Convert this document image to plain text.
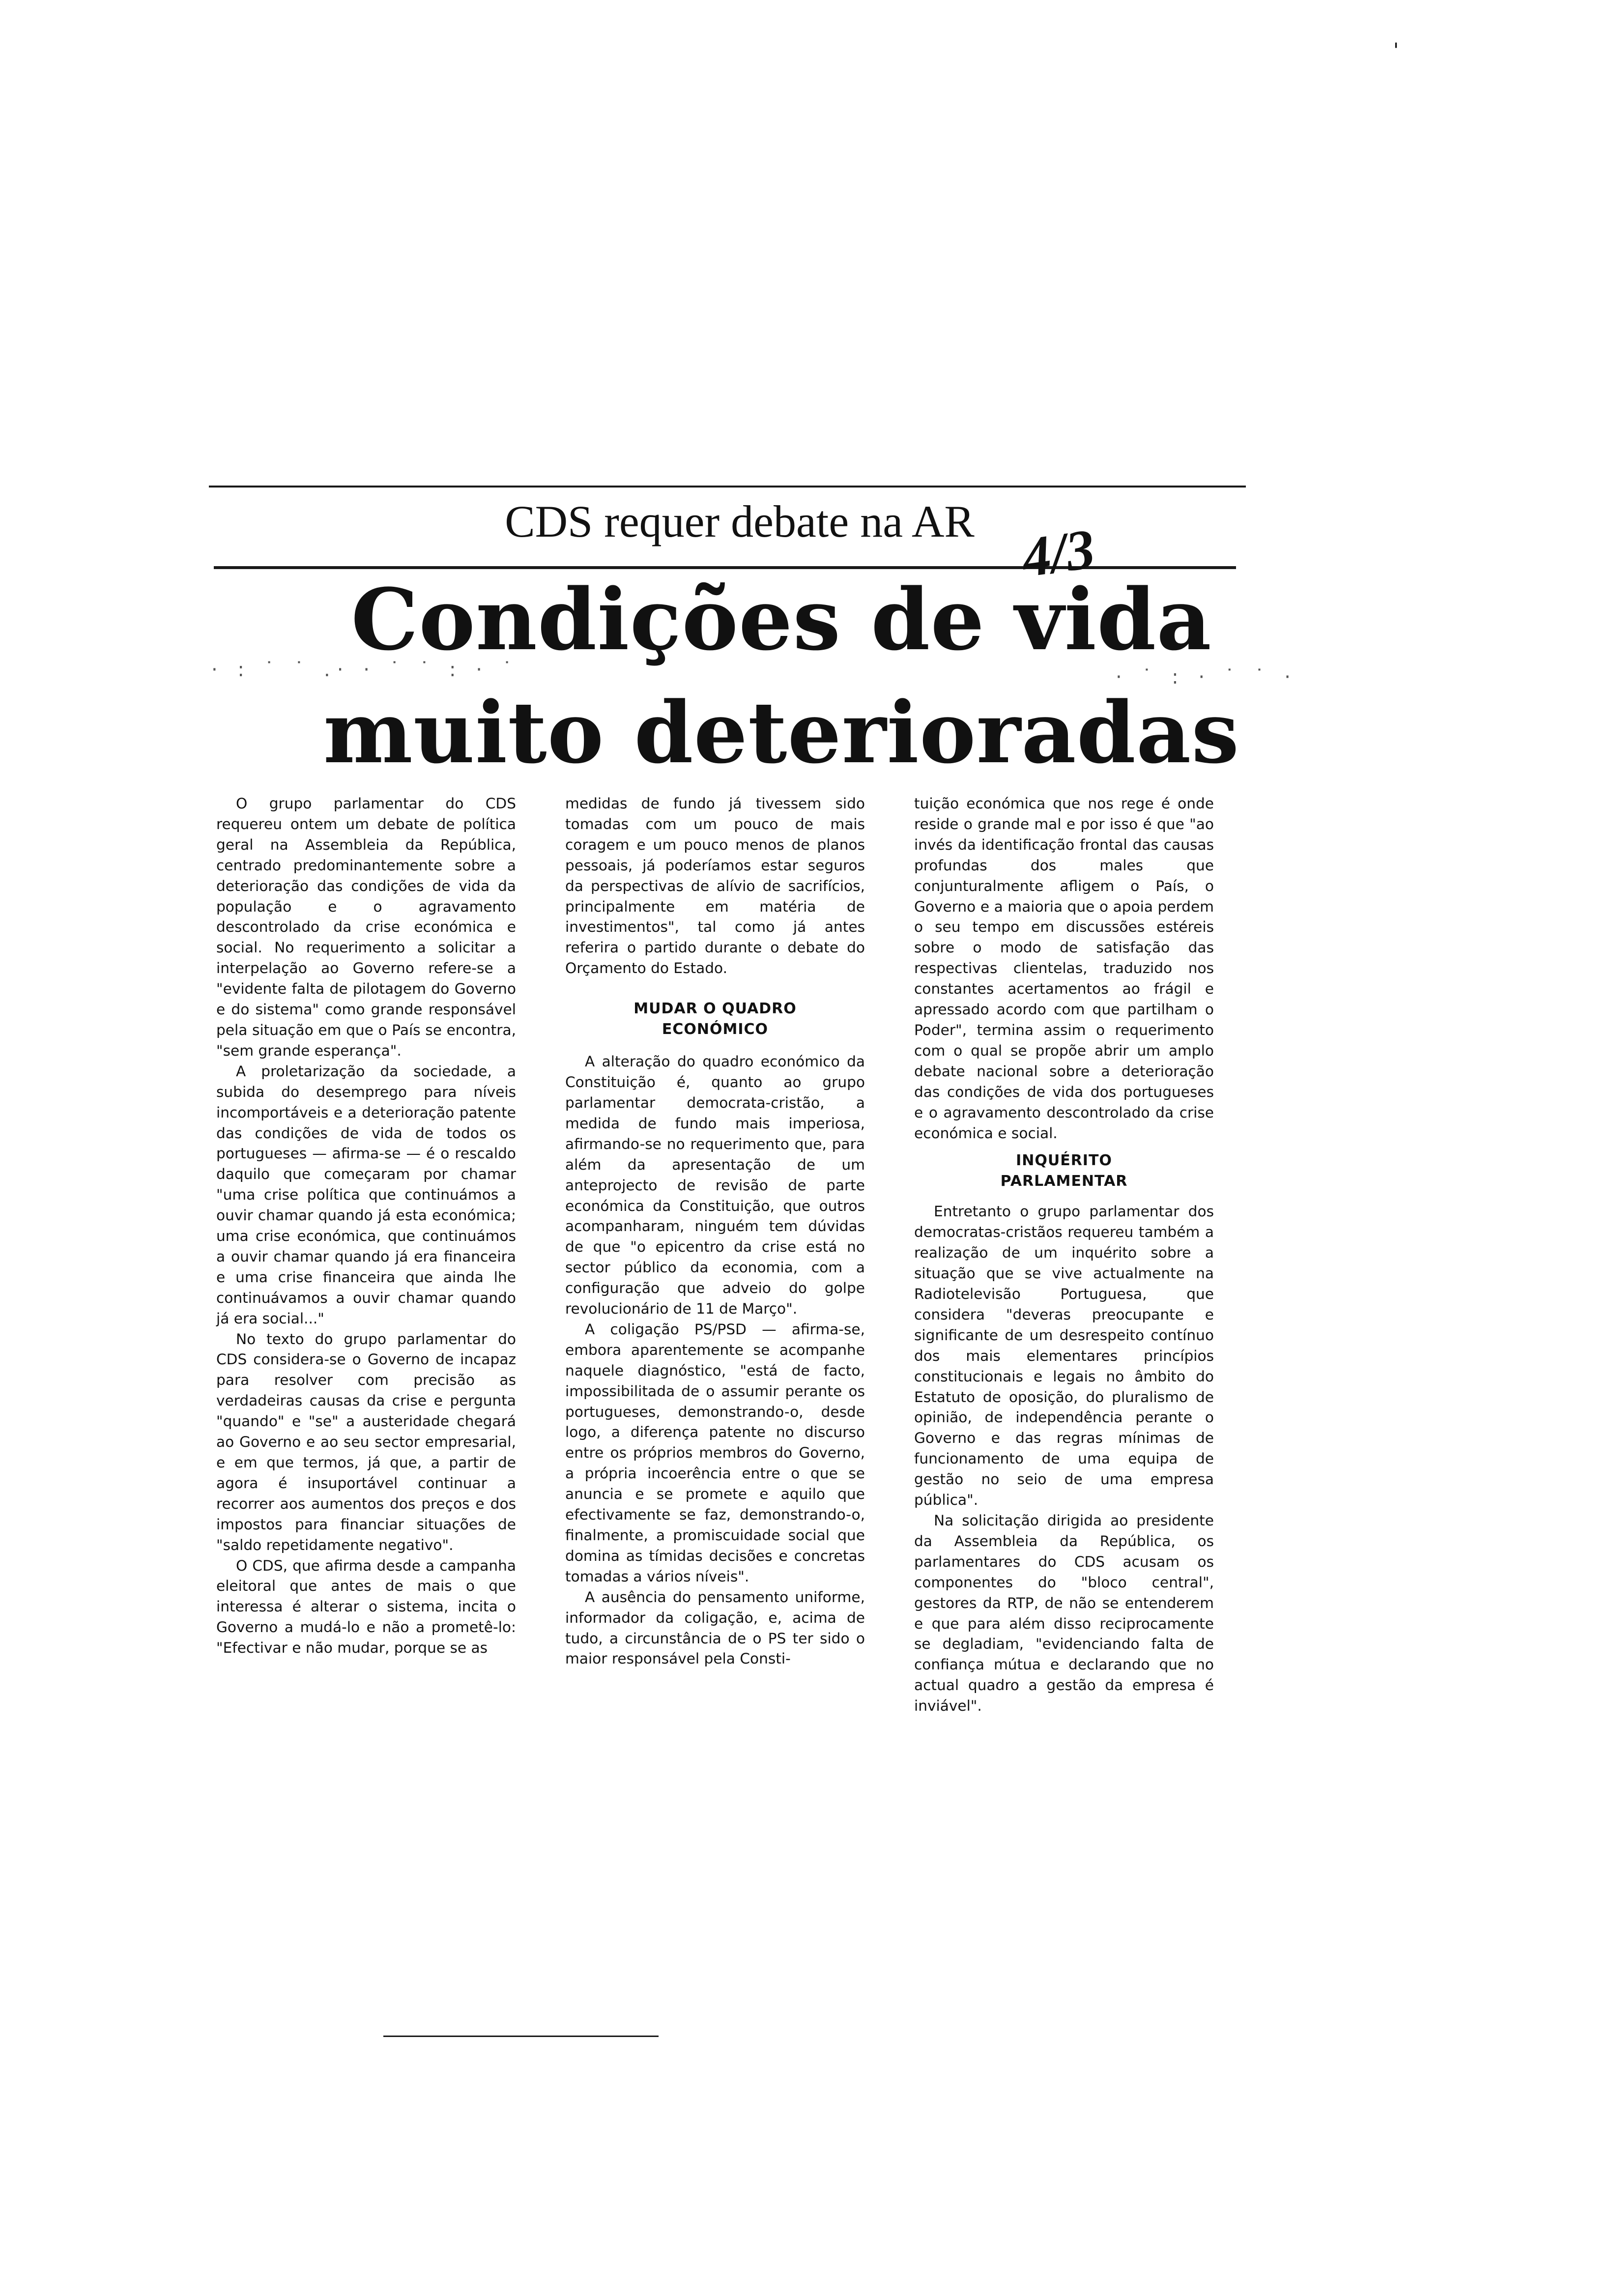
'
CDS requer debate na AR 4/3
Condições de vida
muito deterioradas
· : ˙ ˙ .· · ˙ ˙ : · ˙	· ˙ : · ˙ ˙ ·

O grupo parlamentar do CDS requereu ontem um debate de política geral na Assembleia da República, centrado predominantemente sobre a deterioração das condições de vida da população e o agravamento descontrolado da crise económica e social. No requerimento a solicitar a interpelação ao Governo refere-se a "evidente falta de pilotagem do Governo e do sistema" como grande responsável pela situação em que o País se encontra, "sem grande esperança".

A proletarização da sociedade, a subida do desemprego para níveis incomportáveis e a deterioração patente das condições de vida de todos os portugueses — afirma-se — é o rescaldo daquilo que começaram por chamar "uma crise política que continuámos a ouvir chamar quando já esta económica; uma crise económica, que continuámos a ouvir chamar quando já era financeira e uma crise financeira que ainda lhe continuávamos a ouvir chamar quando já era social..."

No texto do grupo parlamentar do CDS considera-se o Governo de incapaz para resolver com precisão as verdadeiras causas da crise e pergunta "quando" e "se" a austeridade chegará ao Governo e ao seu sector empresarial, e em que termos, já que, a partir de agora é insuportável continuar a recorrer aos aumentos dos preços e dos impostos para financiar situações de "saldo repetidamente negativo".

O CDS, que afirma desde a campanha eleitoral que antes de mais o que interessa é alterar o sistema, incita o Governo a mudá-lo e não a prometê-lo: "Efectivar e não mudar, porque se as

medidas de fundo já tivessem sido tomadas com um pouco de mais coragem e um pouco menos de planos pessoais, já poderíamos estar seguros da perspectivas de alívio de sacrifícios, principalmente em matéria de investimentos", tal como já antes referira o partido durante o debate do Orçamento do Estado.

MUDAR O QUADRO
ECONÓMICO

A alteração do quadro económico da Constituição é, quanto ao grupo parlamentar democrata-cristão, a medida de fundo mais imperiosa, afirmando-se no requerimento que, para além da apresentação de um anteprojecto de revisão de parte económica da Constituição, que outros acompanharam, ninguém tem dúvidas de que "o epicentro da crise está no sector público da economia, com a configuração que adveio do golpe revolucionário de 11 de Março".

A coligação PS/PSD — afirma-se, embora aparentemente se acompanhe naquele diagnóstico, "está de facto, impossibilitada de o assumir perante os portugueses, demonstrando-o, desde logo, a diferença patente no discurso entre os próprios membros do Governo, a própria incoerência entre o que se anuncia e se promete e aquilo que efectivamente se faz, demonstrando-o, finalmente, a promiscuidade social que domina as tímidas decisões e concretas tomadas a vários níveis".

A ausência do pensamento uniforme, informador da coligação, e, acima de tudo, a circunstância de o PS ter sido o maior responsável pela Consti-

tuição económica que nos rege é onde reside o grande mal e por isso é que "ao invés da identificação frontal das causas profundas dos males que conjunturalmente afligem o País, o Governo e a maioria que o apoia perdem o seu tempo em discussões estéreis sobre o modo de satisfação das respectivas clientelas, traduzido nos constantes acertamentos ao frágil e apressado acordo com que partilham o Poder", termina assim o requerimento com o qual se propõe abrir um amplo debate nacional sobre a deterioração das condições de vida dos portugueses e o agravamento descontrolado da crise económica e social.

INQUÉRITO
PARLAMENTAR

Entretanto o grupo parlamentar dos democratas-cristãos requereu também a realização de um inquérito sobre a situação que se vive actualmente na Radiotelevisão Portuguesa, que considera "deveras preocupante e significante de um desrespeito contínuo dos mais elementares princípios constitucionais e legais no âmbito do Estatuto de oposição, do pluralismo de opinião, de independência perante o Governo e das regras mínimas de funcionamento de uma equipa de gestão no seio de uma empresa pública".

Na solicitação dirigida ao presidente da Assembleia da República, os parlamentares do CDS acusam os componentes do "bloco central", gestores da RTP, de não se entenderem e que para além disso reciprocamente se degladiam, "evidenciando falta de confiança mútua e declarando que no actual quadro a gestão da empresa é inviável".
